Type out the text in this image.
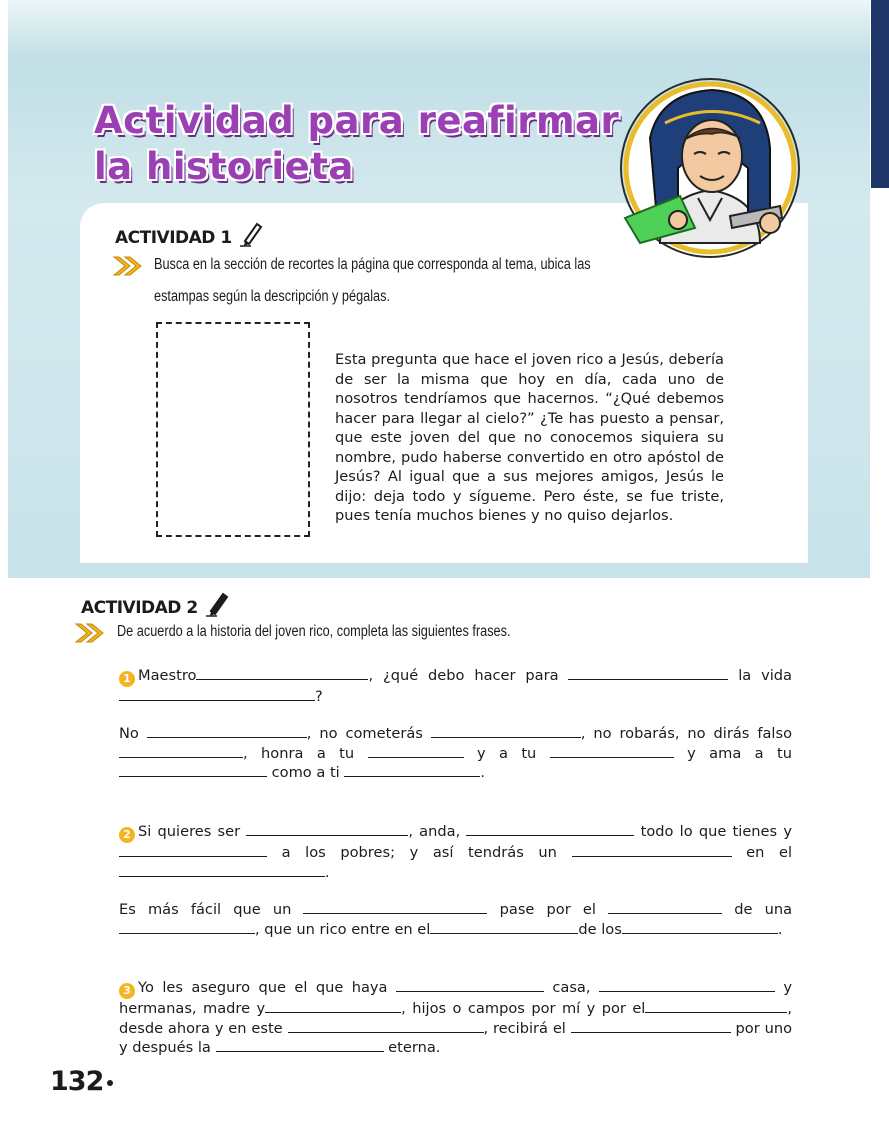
Actividad para reafirmar
la historieta
ACTIVIDAD 1
Busca en la sección de recortes la página que corresponda al tema, ubica las
estampas según la descripción y pégalas.

Esta pregunta que hace el joven rico a Jesús, debería de ser la misma que hoy en día, cada uno de nosotros tendríamos que hacernos. “¿Qué debemos hacer para llegar al cielo?” ¿Te has puesto a pensar, que este joven del que no conocemos siquiera su nombre, pudo haberse convertido en otro apóstol de Jesús? Al igual que a sus mejores amigos, Jesús le dijo: deja todo y sígueme. Pero éste, se fue triste, pues tenía muchos bienes y no quiso dejarlos.

ACTIVIDAD 2
De acuerdo a la historia del joven rico, completa las siguientes frases.

1 Maestro	, ¿qué debo hacer para	la vida ?

No	, no cometerás	, no robarás, no dirás falso , honra a tu	y a tu	y ama a tu  como a ti	.

2 Si quieres ser	, anda,	todo lo que tienes y  a los pobres; y así tendrás un	en el .

Es más fácil que un	pase por el	de una , que un rico entre en el	de los	.

3 Yo les aseguro que el que haya	casa,	y hermanas, madre y	, hijos o campos por mí y por el	, desde ahora y en este	, recibirá el	por uno y después la	eterna.

132
